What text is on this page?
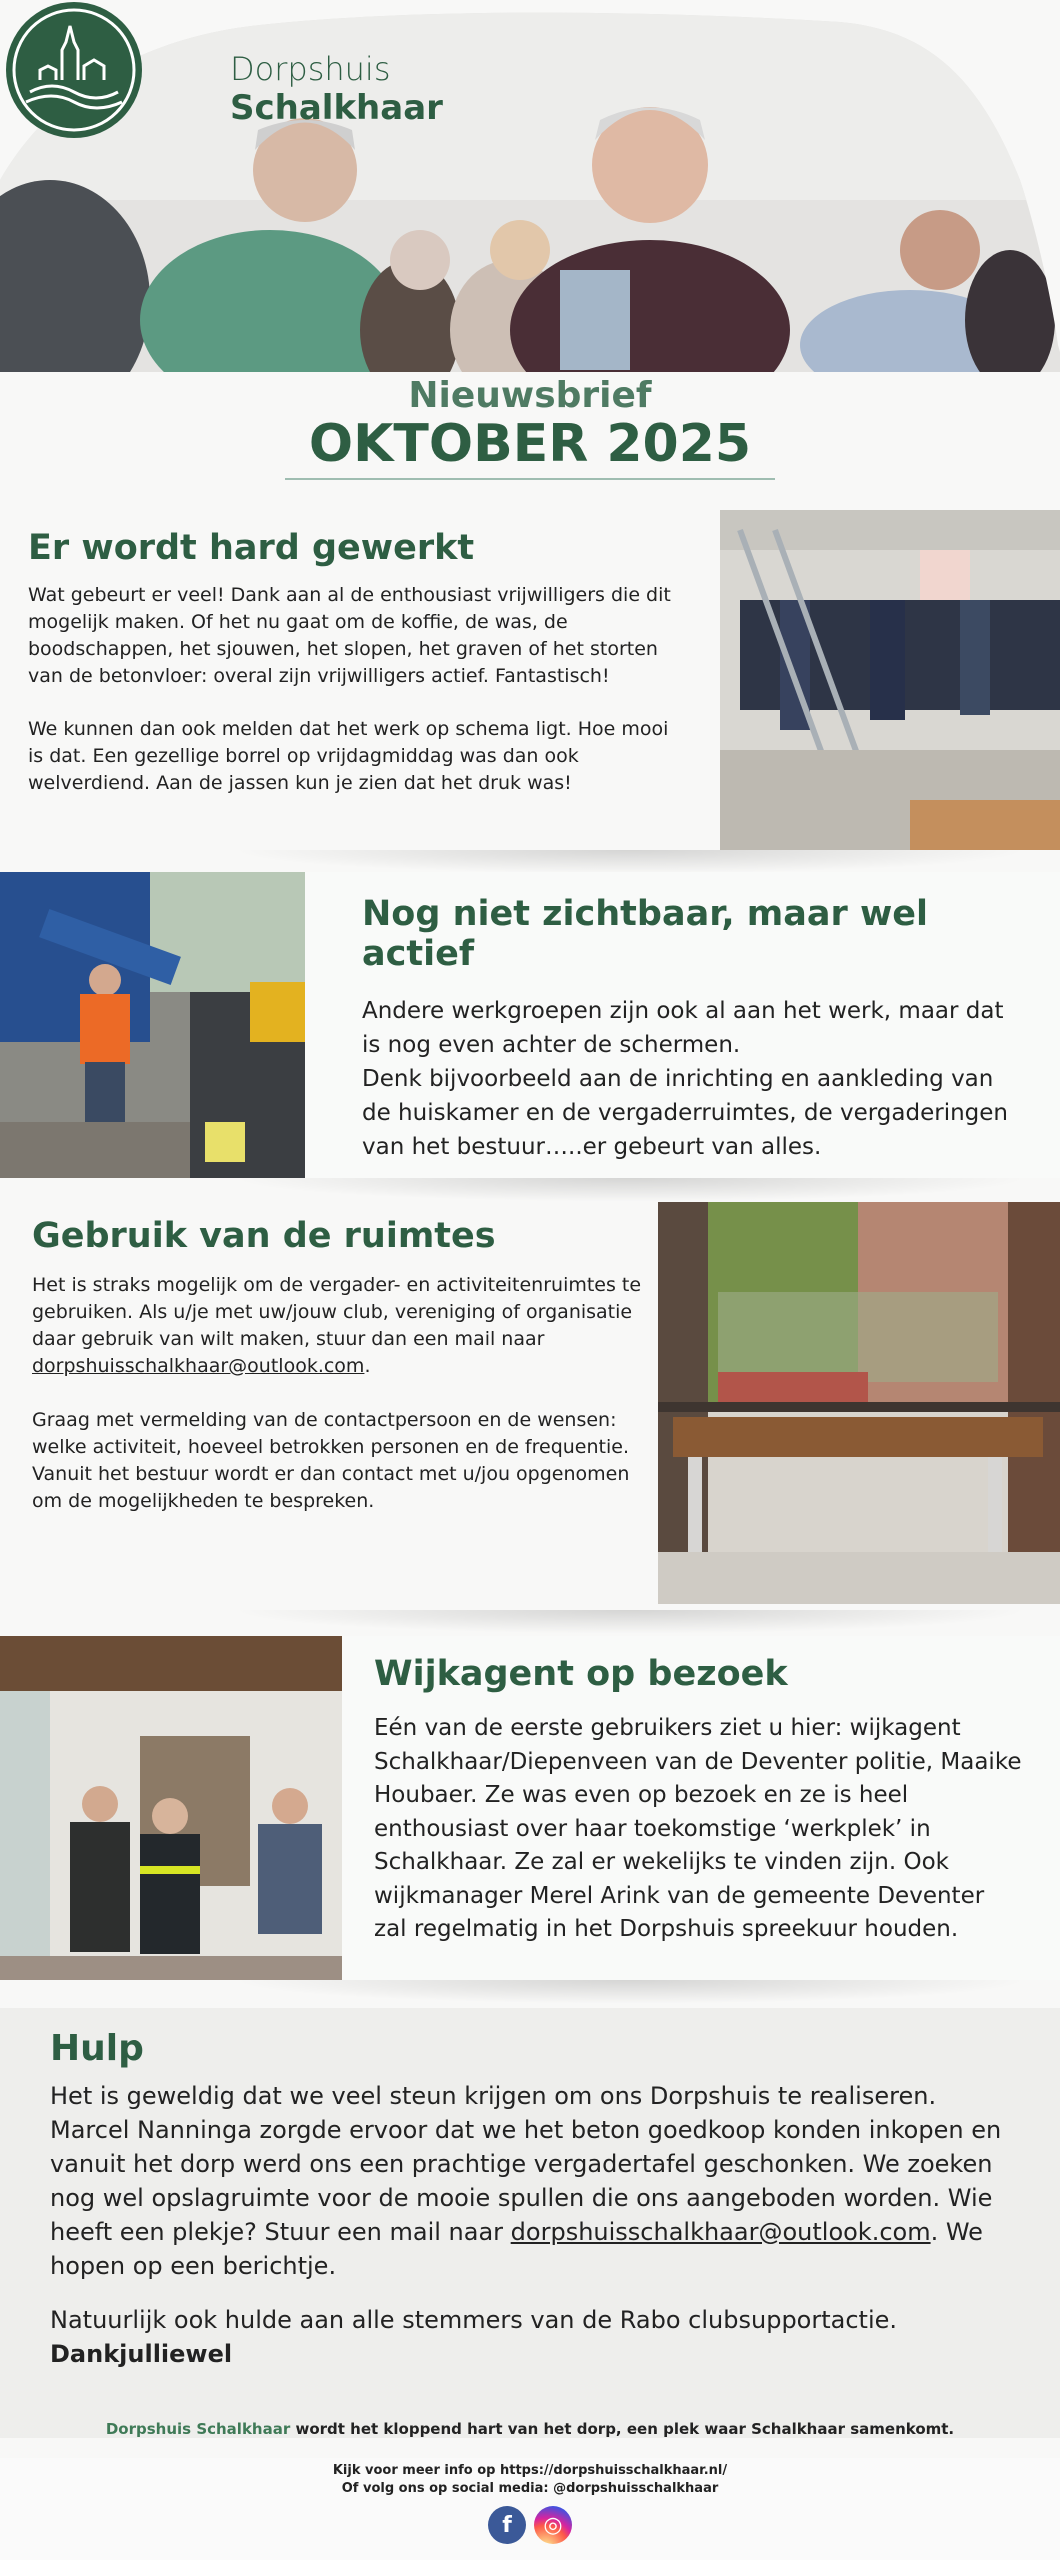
Dorpshuis
Schalkhaar
Nieuwsbrief
OKTOBER 2025
Er wordt hard gewerkt

Wat gebeurt er veel! Dank aan al de enthousiast vrijwilligers die dit mogelijk maken. Of het nu gaat om de koffie, de was, de boodschappen, het sjouwen, het slopen, het graven of het storten van de betonvloer: overal zijn vrijwilligers actief. Fantastisch!

We kunnen dan ook melden dat het werk op schema ligt. Hoe mooi is dat. Een gezellige borrel op vrijdagmiddag was dan ook welverdiend. Aan de jassen kun je zien dat het druk was!

Nog niet zichtbaar, maar wel actief

Andere werkgroepen zijn ook al aan het werk, maar dat is nog even achter de schermen.

Denk bijvoorbeeld aan de inrichting en aankleding van de huiskamer en de vergaderruimtes, de vergaderingen van het bestuur…..er gebeurt van alles.

Gebruik van de ruimtes

Het is straks mogelijk om de vergader- en activiteitenruimtes te gebruiken. Als u/je met uw/jouw club, vereniging of organisatie daar gebruik van wilt maken, stuur dan een mail naar dorpshuisschalkhaar@outlook.com.

Graag met vermelding van de contactpersoon en de wensen: welke activiteit, hoeveel betrokken personen en de frequentie. Vanuit het bestuur wordt er dan contact met u/jou opgenomen om de mogelijkheden te bespreken.

Wijkagent op bezoek

Eén van de eerste gebruikers ziet u hier: wijkagent Schalkhaar/Diepenveen van de Deventer politie, Maaike Houbaer. Ze was even op bezoek en ze is heel enthousiast over haar toekomstige ‘werkplek’ in Schalkhaar. Ze zal er wekelijks te vinden zijn. Ook wijkmanager Merel Arink van de gemeente Deventer zal regelmatig in het Dorpshuis spreekuur houden.

Hulp

Het is geweldig dat we veel steun krijgen om ons Dorpshuis te realiseren. Marcel Nanninga zorgde ervoor dat we het beton goedkoop konden inkopen en vanuit het dorp werd ons een prachtige vergadertafel geschonken. We zoeken nog wel opslagruimte voor de mooie spullen die ons aangeboden worden. Wie heeft een plekje? Stuur een mail naar dorpshuisschalkhaar@outlook.com. We hopen op een berichtje.

Natuurlijk ook hulde aan alle stemmers van de Rabo clubsupportactie.
Dankjulliewel

Dorpshuis Schalkhaar wordt het kloppend hart van het dorp, een plek waar Schalkhaar samenkomt.
Kijk voor meer info op https://dorpshuisschalkhaar.nl/
Of volg ons op social media: @dorpshuisschalkhaar
f	◎
